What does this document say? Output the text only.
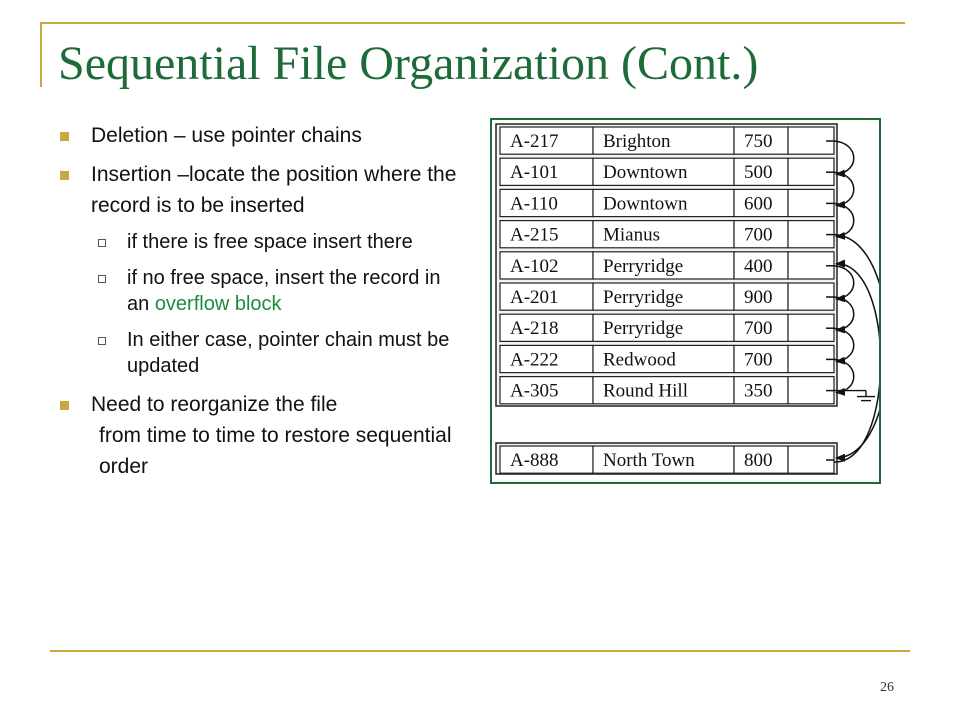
Sequential File Organization (Cont.)
Deletion – use pointer chains
Insertion –locate the position where the record is to be inserted
if there is free space insert there
if no free space, insert the record in an overflow block
In either case, pointer chain must be updated
Need to reorganize the file
from time to time to restore sequential order
A-217 Brighton	750
A-101 Downtown	500
A-110 Downtown	600
A-215 Mianus	700
A-102 Perryridge	400
A-201 Perryridge	900
A-218 Perryridge	700
A-222 Redwood	700
A-305 Round Hill	350
A-888 North Town	800
26
